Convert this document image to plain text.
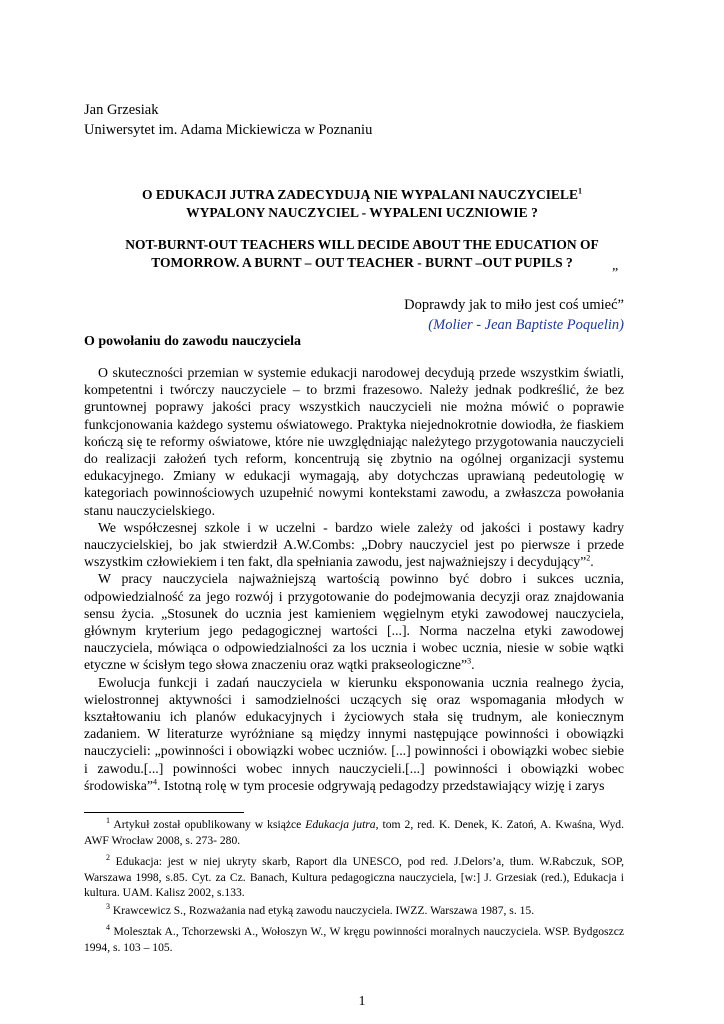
Jan Grzesiak
Uniwersytet im. Adama Mickiewicza w Poznaniu
O EDUKACJI JUTRA ZADECYDUJĄ NIE WYPALANI NAUCZYCIELE$^1$
WYPALONY NAUCZYCIEL - WYPALENI UCZNIOWIE ?
NOT-BURNT-OUT TEACHERS WILL DECIDE ABOUT THE EDUCATION OF
TOMORROW. A BURNT – OUT TEACHER - BURNT –OUT PUPILS ?
”
Doprawdy jak to miło jest coś umieć”
(Molier - Jean Baptiste Poquelin)
O powołaniu do zawodu nauczyciela

O skuteczności przemian w systemie edukacji narodowej decydują przede wszystkim światli, kompetentni i twórczy nauczyciele – to brzmi frazesowo. Należy jednak podkreślić, że bez gruntownej poprawy jakości pracy wszystkich nauczycieli nie można mówić o poprawie funkcjonowania każdego systemu oświatowego. Praktyka niejednokrotnie dowiodła, że fiaskiem kończą się te reformy oświatowe, które nie uwzględniając należytego przygotowania nauczycieli do realizacji założeń tych reform, koncentrują się zbytnio na ogólnej organizacji systemu edukacyjnego. Zmiany w edukacji wymagają, aby dotychczas uprawianą pedeutologię w kategoriach powinnościowych uzupełnić nowymi kontekstami zawodu, a zwłaszcza powołania stanu nauczycielskiego.

We współczesnej szkole i w uczelni - bardzo wiele zależy od jakości i postawy kadry nauczycielskiej, bo jak stwierdził A.W.Combs: „Dobry nauczyciel jest po pierwsze i przede wszystkim człowiekiem i ten fakt, dla spełniania zawodu, jest najważniejszy i decydujący”$^2$.

W pracy nauczyciela najważniejszą wartością powinno być dobro i sukces ucznia, odpowiedzialność za jego rozwój i przygotowanie do podejmowania decyzji oraz znajdowania sensu życia. „Stosunek do ucznia jest kamieniem węgielnym etyki zawodowej nauczyciela, głównym kryterium jego pedagogicznej wartości [...]. Norma naczelna etyki zawodowej nauczyciela, mówiąca o odpowiedzialności za los ucznia i wobec ucznia, niesie w sobie wątki etyczne w ścisłym tego słowa znaczeniu oraz wątki prakseologiczne”$^3$.

Ewolucja funkcji i zadań nauczyciela w kierunku eksponowania ucznia realnego życia, wielostronnej aktywności i samodzielności uczących się oraz wspomagania młodych w kształtowaniu ich planów edukacyjnych i życiowych stała się trudnym, ale koniecznym zadaniem. W literaturze wyróżniane są między innymi następujące powinności i obowiązki nauczycieli: „powinności i obowiązki wobec uczniów. [...] powinności i obowiązki wobec siebie i zawodu.[...] powinności wobec innych nauczycieli.[...] powinności i obowiązki wobec środowiska”$^4$. Istotną rolę w tym procesie odgrywają pedagodzy przedstawiający wizję i zarys

$^1$ Artykuł został opublikowany w książce Edukacja jutra, tom 2, red. K. Denek, K. Zatoń, A. Kwaśna, Wyd. AWF Wrocław 2008, s. 273- 280.

$^2$ Edukacja: jest w niej ukryty skarb, Raport dla UNESCO, pod red. J.Delors’a, tłum. W.Rabczuk, SOP, Warszawa 1998, s.85. Cyt. za Cz. Banach, Kultura pedagogiczna nauczyciela, [w:] J. Grzesiak (red.), Edukacja i kultura. UAM. Kalisz 2002, s.133.

$^3$ Krawcewicz S., Rozważania nad etyką zawodu nauczyciela. IWZZ. Warszawa 1987, s. 15.

$^4$ Molesztak A., Tchorzewski A., Wołoszyn W., W kręgu powinności moralnych nauczyciela. WSP. Bydgoszcz 1994, s. 103 – 105.

1
